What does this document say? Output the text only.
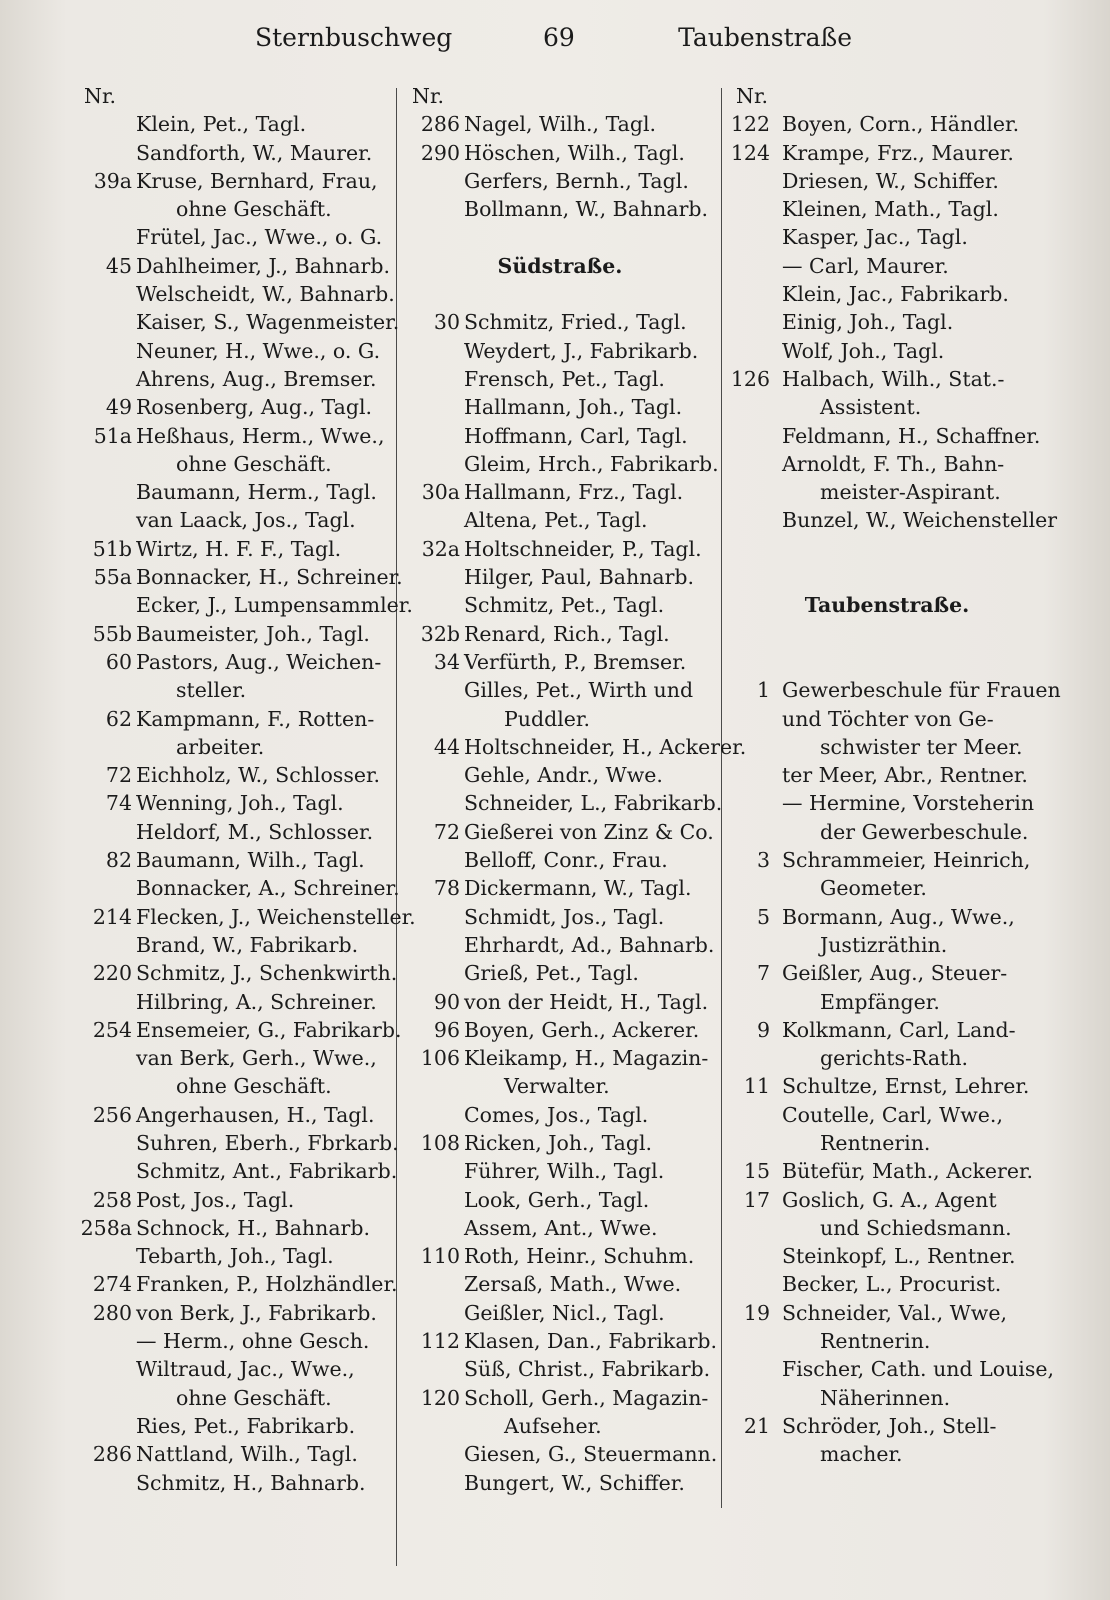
Sternbuschweg	69	Taubenstraße
Nr.
Klein, Pet., Tagl.
Sandforth, W., Maurer.
39a Kruse, Bernhard, Frau,
ohne Geschäft.
Frütel, Jac., Wwe., o. G.
45 Dahlheimer, J., Bahnarb.
Welscheidt, W., Bahnarb.
Kaiser, S., Wagenmeister.
Neuner, H., Wwe., o. G.
Ahrens, Aug., Bremser.
49 Rosenberg, Aug., Tagl.
51a Heßhaus, Herm., Wwe.,
ohne Geschäft.
Baumann, Herm., Tagl.
van Laack, Jos., Tagl.
51b Wirtz, H. F. F., Tagl.
55a Bonnacker, H., Schreiner.
Ecker, J., Lumpensammler.
55b Baumeister, Joh., Tagl.
60 Pastors, Aug., Weichen-
steller.
62 Kampmann, F., Rotten-
arbeiter.
72 Eichholz, W., Schlosser.
74 Wenning, Joh., Tagl.
Heldorf, M., Schlosser.
82 Baumann, Wilh., Tagl.
Bonnacker, A., Schreiner.
214 Flecken, J., Weichensteller.
Brand, W., Fabrikarb.
220 Schmitz, J., Schenkwirth.
Hilbring, A., Schreiner.
254 Ensemeier, G., Fabrikarb.
van Berk, Gerh., Wwe.,
ohne Geschäft.
256 Angerhausen, H., Tagl.
Suhren, Eberh., Fbrkarb.
Schmitz, Ant., Fabrikarb.
258 Post, Jos., Tagl.
258a Schnock, H., Bahnarb.
Tebarth, Joh., Tagl.
274 Franken, P., Holzhändler.
280 von Berk, J., Fabrikarb.
— Herm., ohne Gesch.
Wiltraud, Jac., Wwe.,
ohne Geschäft.
Ries, Pet., Fabrikarb.
286 Nattland, Wilh., Tagl.
Schmitz, H., Bahnarb.
Nr.
286 Nagel, Wilh., Tagl.
290 Höschen, Wilh., Tagl.
Gerfers, Bernh., Tagl.
Bollmann, W., Bahnarb.
Südstraße.
30 Schmitz, Fried., Tagl.
Weydert, J., Fabrikarb.
Frensch, Pet., Tagl.
Hallmann, Joh., Tagl.
Hoffmann, Carl, Tagl.
Gleim, Hrch., Fabrikarb.
30a Hallmann, Frz., Tagl.
Altena, Pet., Tagl.
32a Holtschneider, P., Tagl.
Hilger, Paul, Bahnarb.
Schmitz, Pet., Tagl.
32b Renard, Rich., Tagl.
34 Verfürth, P., Bremser.
Gilles, Pet., Wirth und
Puddler.
44 Holtschneider, H., Ackerer.
Gehle, Andr., Wwe.
Schneider, L., Fabrikarb.
72 Gießerei von Zinz & Co.
Belloff, Conr., Frau.
78 Dickermann, W., Tagl.
Schmidt, Jos., Tagl.
Ehrhardt, Ad., Bahnarb.
Grieß, Pet., Tagl.
90 von der Heidt, H., Tagl.
96 Boyen, Gerh., Ackerer.
106 Kleikamp, H., Magazin-
Verwalter.
Comes, Jos., Tagl.
108 Ricken, Joh., Tagl.
Führer, Wilh., Tagl.
Look, Gerh., Tagl.
Assem, Ant., Wwe.
110 Roth, Heinr., Schuhm.
Zersaß, Math., Wwe.
Geißler, Nicl., Tagl.
112 Klasen, Dan., Fabrikarb.
Süß, Christ., Fabrikarb.
120 Scholl, Gerh., Magazin-
Aufseher.
Giesen, G., Steuermann.
Bungert, W., Schiffer.
Nr.
122 Boyen, Corn., Händler.
124 Krampe, Frz., Maurer.
Driesen, W., Schiffer.
Kleinen, Math., Tagl.
Kasper, Jac., Tagl.
— Carl, Maurer.
Klein, Jac., Fabrikarb.
Einig, Joh., Tagl.
Wolf, Joh., Tagl.
126 Halbach, Wilh., Stat.-
Assistent.
Feldmann, H., Schaffner.
Arnoldt, F. Th., Bahn-
meister-Aspirant.
Bunzel, W., Weichensteller
Taubenstraße.
1 Gewerbeschule für Frauen
und Töchter von Ge-
schwister ter Meer.
ter Meer, Abr., Rentner.
— Hermine, Vorsteherin
der Gewerbeschule.
3 Schrammeier, Heinrich,
Geometer.
5 Bormann, Aug., Wwe.,
Justizräthin.
7 Geißler, Aug., Steuer-
Empfänger.
9 Kolkmann, Carl, Land-
gerichts-Rath.
11 Schultze, Ernst, Lehrer.
Coutelle, Carl, Wwe.,
Rentnerin.
15 Bütefür, Math., Ackerer.
17 Goslich, G. A., Agent
und Schiedsmann.
Steinkopf, L., Rentner.
Becker, L., Procurist.
19 Schneider, Val., Wwe,
Rentnerin.
Fischer, Cath. und Louise,
Näherinnen.
21 Schröder, Joh., Stell-
macher.
